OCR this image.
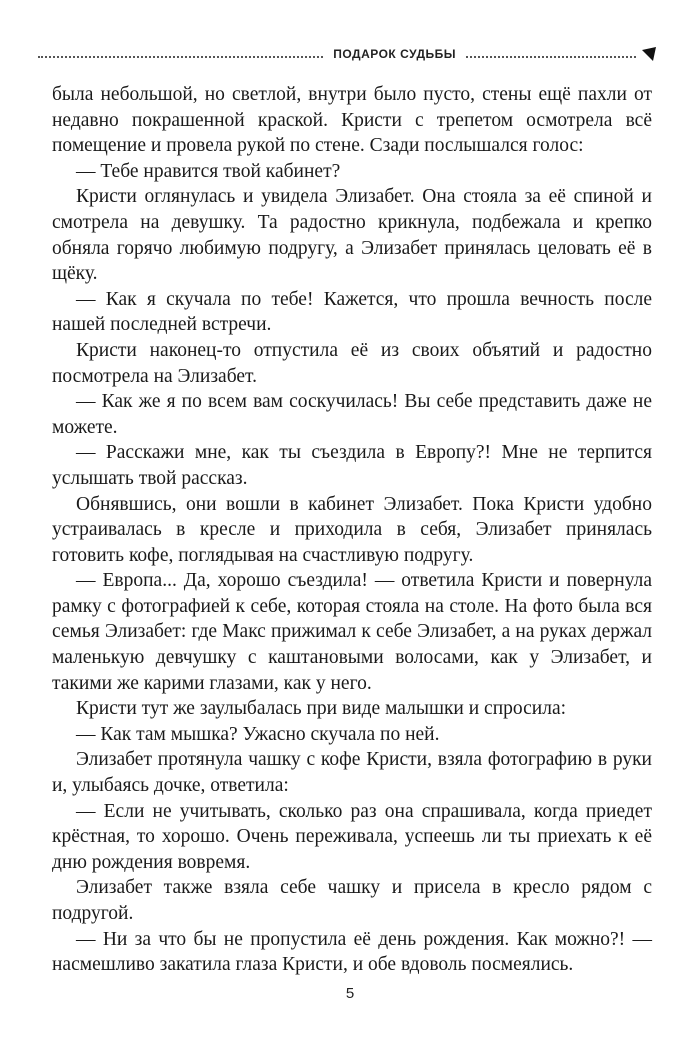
ПОДАРОК СУДЬБЫ

была небольшой, но светлой, внутри было пусто, стены ещё пахли от недавно покрашенной краской. Кристи с трепетом осмотрела всё помещение и провела рукой по стене. Сзади послышался голос:

— Тебе нравится твой кабинет?

Кристи оглянулась и увидела Элизабет. Она стояла за её спиной и смотрела на девушку. Та радостно крикнула, подбежала и крепко обняла горячо любимую подругу, а Элизабет принялась целовать её в щёку.

— Как я скучала по тебе! Кажется, что прошла вечность после нашей последней встречи.

Кристи наконец-то отпустила её из своих объятий и радостно посмотрела на Элизабет.

— Как же я по всем вам соскучилась! Вы себе представить даже не можете.

— Расскажи мне, как ты съездила в Европу?! Мне не терпится услышать твой рассказ.

Обнявшись, они вошли в кабинет Элизабет. Пока Кристи удобно устраивалась в кресле и приходила в себя, Элизабет принялась готовить кофе, поглядывая на счастливую подругу.

— Европа... Да, хорошо съездила! — ответила Кристи и повернула рамку с фотографией к себе, которая стояла на столе. На фото была вся семья Элизабет: где Макс прижимал к себе Элизабет, а на руках держал маленькую девчушку с каштановыми волосами, как у Элизабет, и такими же карими глазами, как у него.

Кристи тут же заулыбалась при виде малышки и спросила:

— Как там мышка? Ужасно скучала по ней.

Элизабет протянула чашку с кофе Кристи, взяла фотографию в руки и, улыбаясь дочке, ответила:

— Если не учитывать, сколько раз она спрашивала, когда приедет крёстная, то хорошо. Очень переживала, успеешь ли ты приехать к её дню рождения вовремя.

Элизабет также взяла себе чашку и присела в кресло рядом с подругой.

— Ни за что бы не пропустила её день рождения. Как можно?! — насмешливо закатила глаза Кристи, и обе вдоволь посмеялись.

5
